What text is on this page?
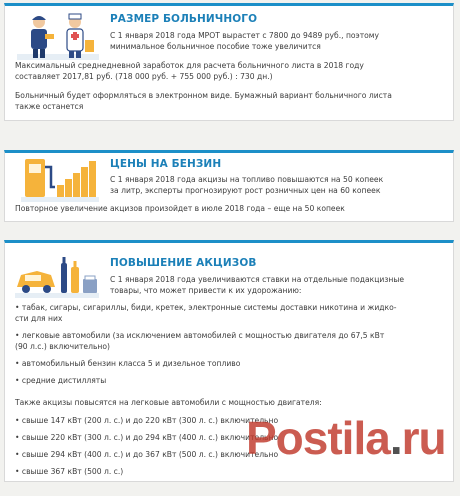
РАЗМЕР БОЛЬНИЧНОГО
С 1 января 2018 года МРОТ вырастет с 7800 до 9489 руб., поэтому
минимальное больничное пособие тоже увеличится
Максимальный среднедневной заработок для расчета больничного листа в 2018 году
составляет 2017,81 руб. (718 000 руб. + 755 000 руб.) : 730 дн.)
Больничный будет оформляться в электронном виде. Бумажный вариант больничного листа
также останется
ЦЕНЫ НА БЕНЗИН
С 1 января 2018 года акцизы на топливо повышаются на 50 копеек
за литр, эксперты прогнозируют рост розничных цен на 60 копеек
Повторное увеличение акцизов произойдет в июле 2018 года – еще на 50 копеек
ПОВЫШЕНИЕ АКЦИЗОВ
С 1 января 2018 года увеличиваются ставки на отдельные подакцизные
товары, что может привести к их удорожанию:
• табак, сигары, сигариллы, биди, кретек, электронные системы доставки никотина и жидко-
сти для них
• легковые автомобили (за исключением автомобилей с мощностью двигателя до 67,5 кВт
(90 л.с.) включительно)
• автомобильный бензин класса 5 и дизельное топливо
• средние дистилляты
Также акцизы повысятся на легковые автомобили с мощностью двигателя:
• свыше 147 кВт (200 л. с.) и до 220 кВт (300 л. с.) включительно
• свыше 220 кВт (300 л. с.) и до 294 кВт (400 л. с.) включительно
• свыше 294 кВт (400 л. с.) и до 367 кВт (500 л. с.) включительно
• свыше 367 кВт (500 л. с.)
Postila.ru
